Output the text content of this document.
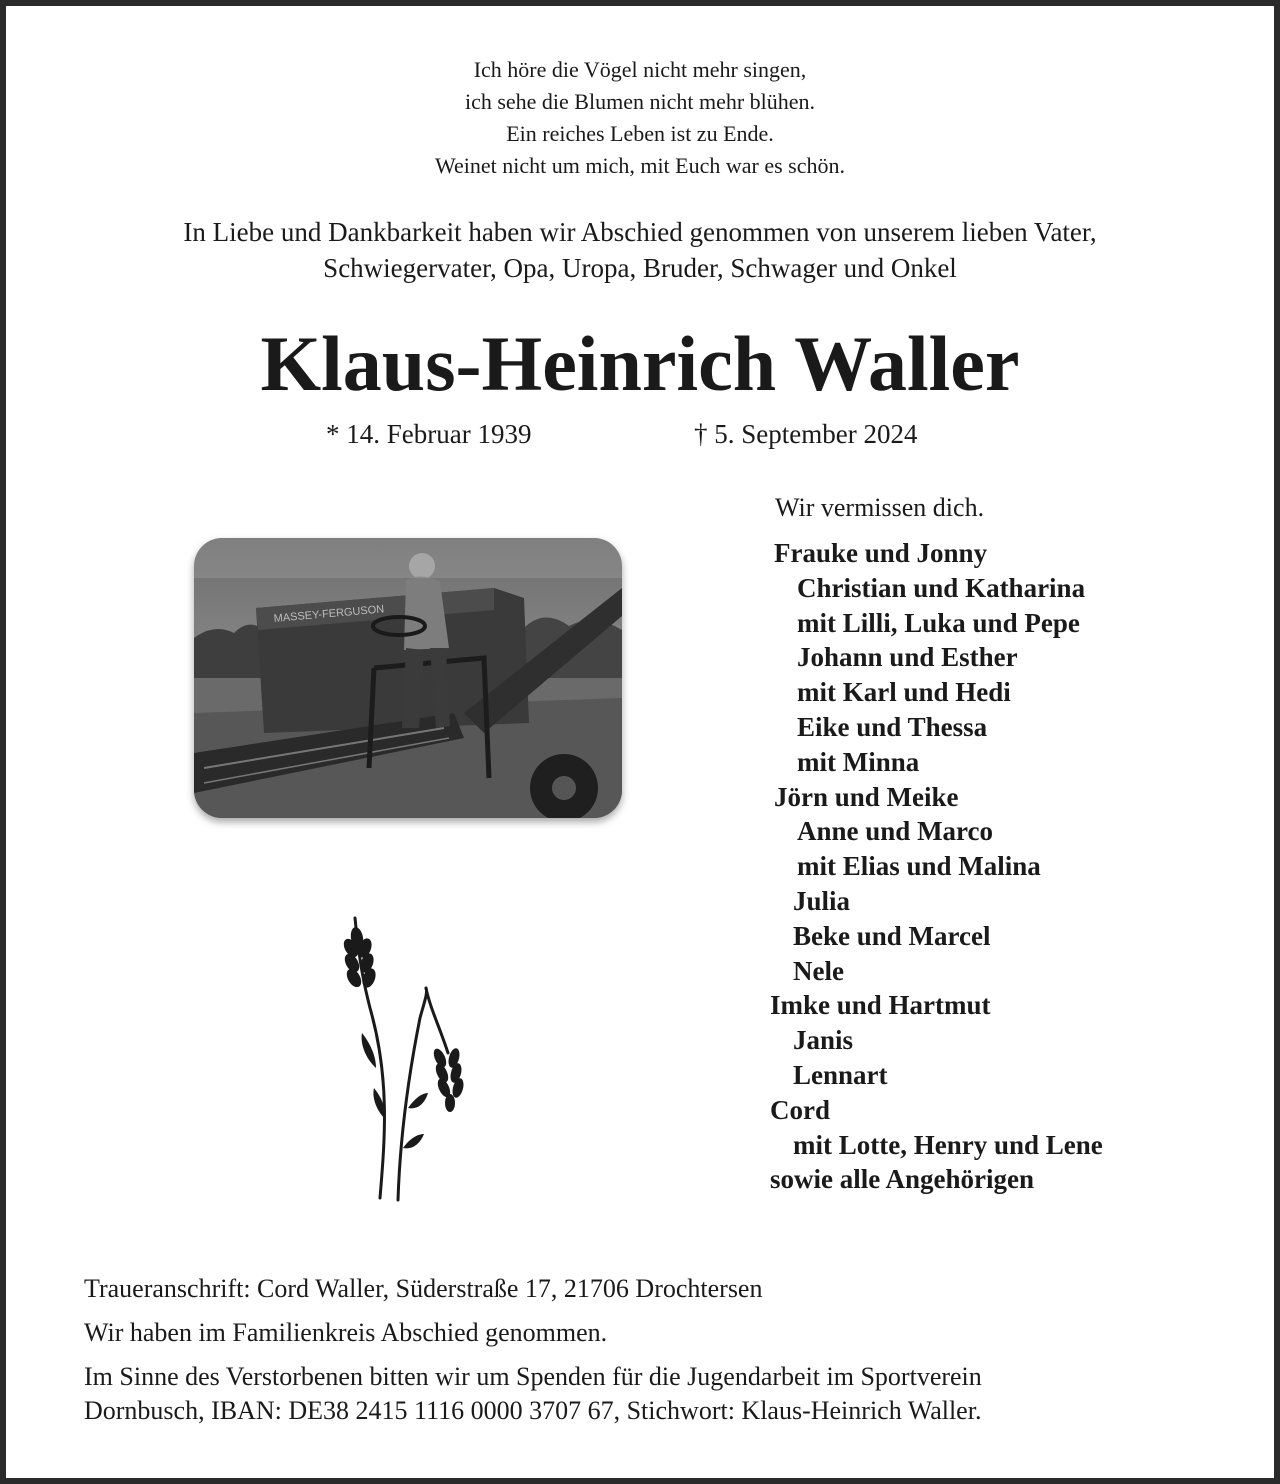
Ich höre die Vögel nicht mehr singen,
ich sehe die Blumen nicht mehr blühen.
Ein reiches Leben ist zu Ende.
Weinet nicht um mich, mit Euch war es schön.
In Liebe und Dankbarkeit haben wir Abschied genommen von unserem lieben Vater,
Schwiegervater, Opa, Uropa, Bruder, Schwager und Onkel
Klaus-Heinrich Waller
* 14. Februar 1939	† 5. September 2024
MASSEY-FERGUSON
Wir vermissen dich.
Frauke und Jonny
Christian und Katharina
mit Lilli, Luka und Pepe
Johann und Esther
mit Karl und Hedi
Eike und Thessa
mit Minna
Jörn und Meike
Anne und Marco
mit Elias und Malina
Julia
Beke und Marcel
Nele
Imke und Hartmut
Janis
Lennart
Cord
mit Lotte, Henry und Lene
sowie alle Angehörigen
Traueranschrift: Cord Waller, Süderstraße 17, 21706 Drochtersen
Wir haben im Familienkreis Abschied genommen.
Im Sinne des Verstorbenen bitten wir um Spenden für die Jugendarbeit im Sportverein
Dornbusch, IBAN: DE38 2415 1116 0000 3707 67, Stichwort: Klaus-Heinrich Waller.
